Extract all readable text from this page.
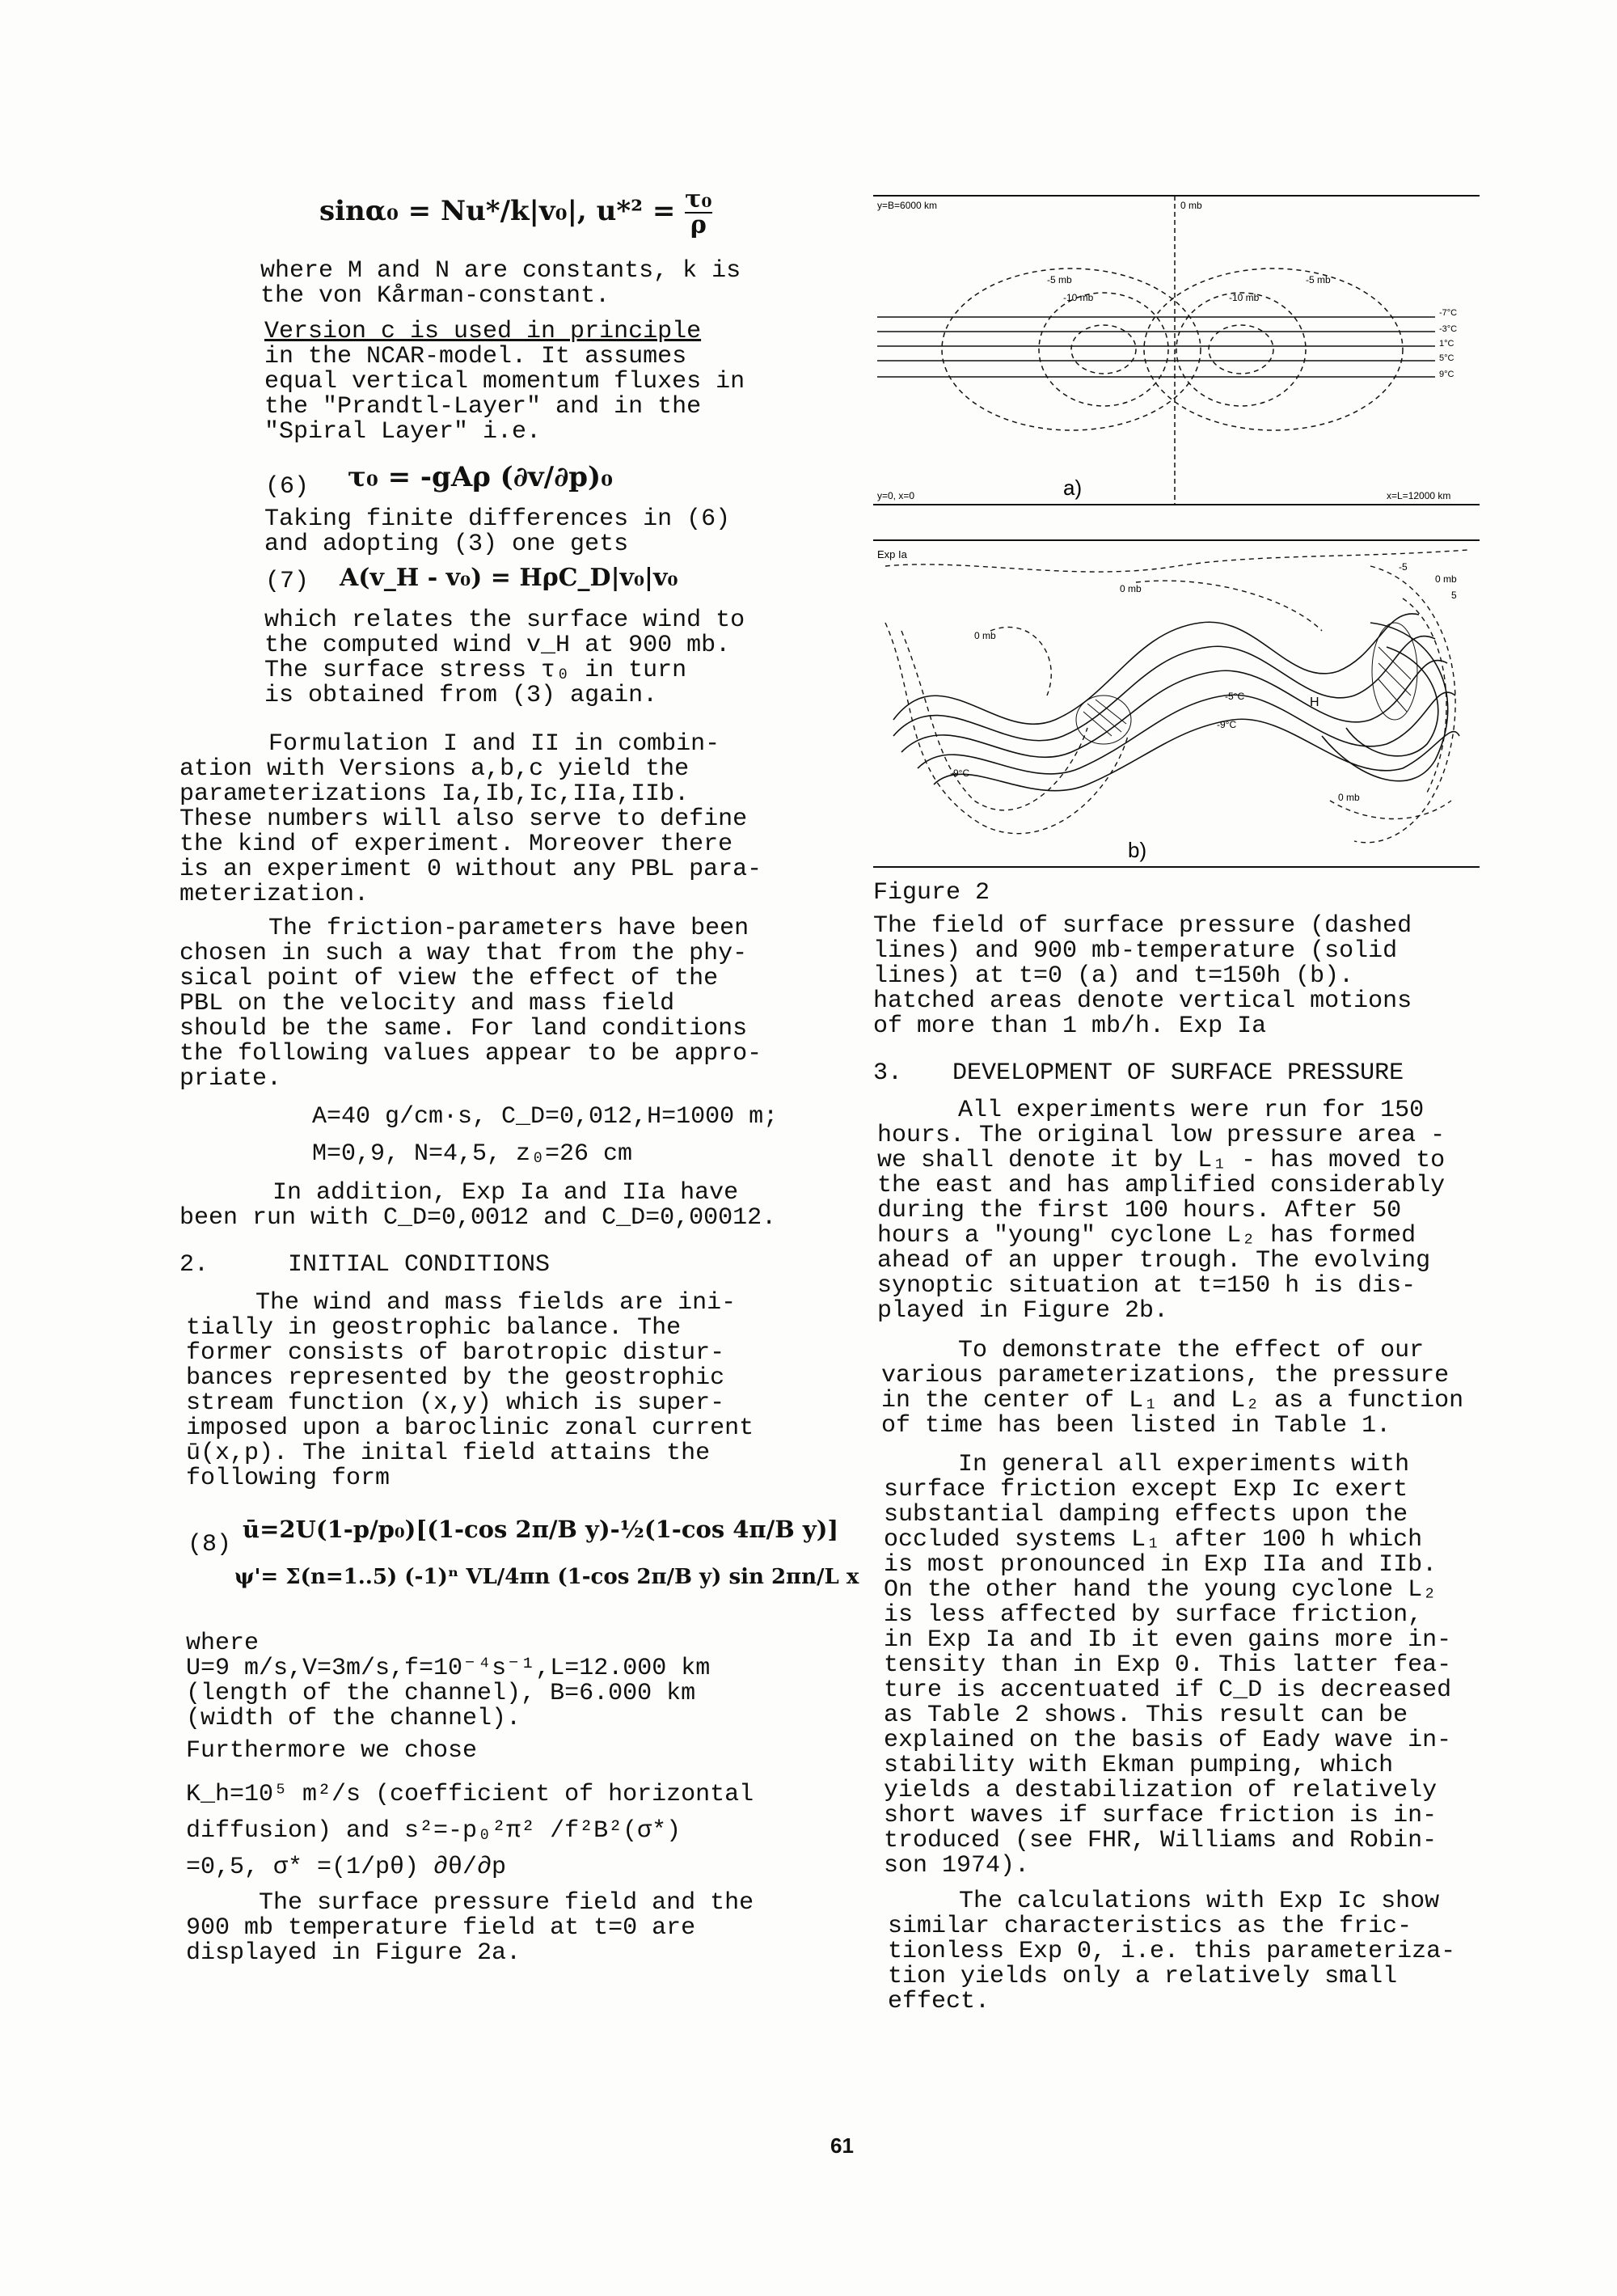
sinα₀ = Nu*/k|v₀|, $u*^2 = \frac{\text{τ₀}}{\rho}$
where M and N are constants, k is
the von Kårman-constant.
Version c is used in principle
in the NCAR-model. It assumes
equal vertical momentum fluxes in
the "Prandtl-Layer" and in the
"Spiral Layer" i.e.
(6) τ₀ = -gAρ (∂v/∂p)₀
Taking finite differences in (6)
and adopting (3) one gets
(7) A(v_H - v₀) = HρC_D|v₀|v₀
which relates the surface wind to
the computed wind v_H at 900 mb.
The surface stress τ₀ in turn
is obtained from (3) again.
Formulation I and II in combin-
ation with Versions a,b,c yield the
parameterizations Ia,Ib,Ic,IIa,IIb.
These numbers will also serve to define
the kind of experiment. Moreover there
is an experiment 0 without any PBL para-
meterization.
The friction-parameters have been
chosen in such a way that from the phy-
sical point of view the effect of the
PBL on the velocity and mass field
should be the same. For land conditions
the following values appear to be appro-
priate.
A=40 g/cm·s, C_D=0,012,H=1000 m;
M=0,9, N=4,5, z₀=26 cm
In addition, Exp Ia and IIa have
been run with C_D=0,0012 and C_D=0,00012.
2.	INITIAL CONDITIONS
The wind and mass fields are ini-
tially in geostrophic balance. The
former consists of barotropic distur-
bances represented by the geostrophic
stream function (x,y) which is super-
imposed upon a baroclinic zonal current
ū(x,p). The inital field attains the
following form
(8)
ū=2U(1-p/p₀)[(1-cos 2π/B y)-½(1-cos 4π/B y)]
ψ'= Σ(n=1..5) (-1)ⁿ VL/4πn (1-cos 2π/B y) sin 2πn/L x
where
U=9 m/s,V=3m/s,f=10⁻⁴s⁻¹,L=12.000 km
(length of the channel), B=6.000 km
(width of the channel).
Furthermore we chose
K_h=10⁵ m²/s (coefficient of horizontal
diffusion) and s²=-p₀²π² /f²B²(σ*)
=0,5, σ* =(1/pθ) ∂θ/∂p
The surface pressure field and the
900 mb temperature field at t=0 are
displayed in Figure 2a.
y=B=6000 km	0 mb
y=0, x=0	x=L=12000 km
a)
-7°C
-3°C
1°C
5°C
9°C
-5 mb
-10 mb	-10 mb
-5 mb
Exp Ia
b)
0 mb
0 mb
0 mb
0 mb
-5
5
-5°C
-9°C
H
-9°C
Figure 2
The field of surface pressure (dashed
lines) and 900 mb-temperature (solid
lines) at t=0 (a) and t=150h (b).
hatched areas denote vertical motions
of more than 1 mb/h. Exp Ia
3. DEVELOPMENT OF SURFACE PRESSURE
All experiments were run for 150
hours. The original low pressure area -
we shall denote it by L₁ - has moved to
the east and has amplified considerably
during the first 100 hours. After 50
hours a "young" cyclone L₂ has formed
ahead of an upper trough. The evolving
synoptic situation at t=150 h is dis-
played in Figure 2b.
To demonstrate the effect of our
various parameterizations, the pressure
in the center of L₁ and L₂ as a function
of time has been listed in Table 1.
In general all experiments with
surface friction except Exp Ic exert
substantial damping effects upon the
occluded systems L₁ after 100 h which
is most pronounced in Exp IIa and IIb.
On the other hand the young cyclone L₂
is less affected by surface friction,
in Exp Ia and Ib it even gains more in-
tensity than in Exp 0. This latter fea-
ture is accentuated if C_D is decreased
as Table 2 shows. This result can be
explained on the basis of Eady wave in-
stability with Ekman pumping, which
yields a destabilization of relatively
short waves if surface friction is in-
troduced (see FHR, Williams and Robin-
son 1974).
The calculations with Exp Ic show
similar characteristics as the fric-
tionless Exp 0, i.e. this parameteriza-
tion yields only a relatively small
effect.
61
